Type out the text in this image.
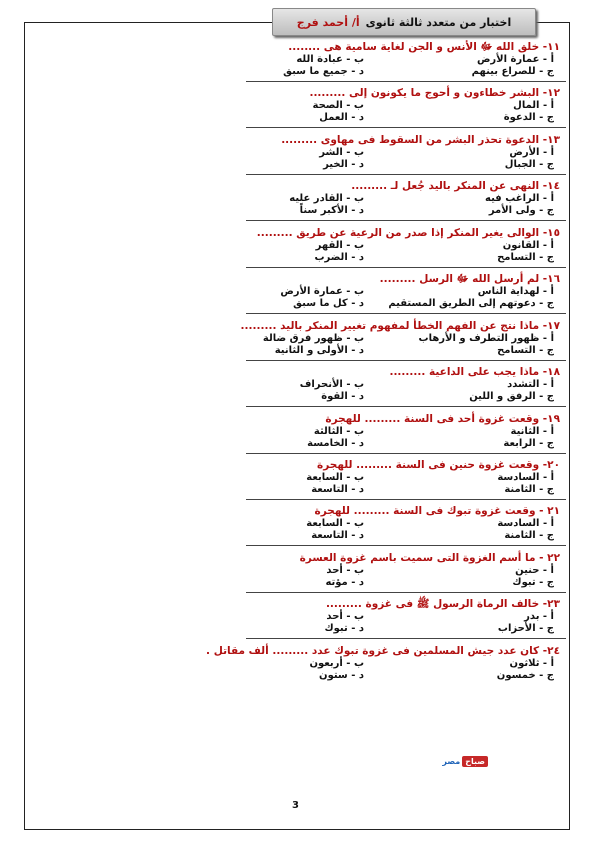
اختبار من متعدد ثالثة ثانوى
أ/ أحمد فرج
١١- خلق الله ﷻ الأنس و الجن لغاية سامية هى ........
أ - عمارة الأرض
ب - عبادة الله
ج - للصراع بينهم
د - جميع ما سبق
١٢- البشر خطاءون و أحوج ما يكونون إلى .........
أ - المال
ب - الصحة
ج - الدعوة
د - العمل
١٣- الدعوة تحذر البشر من السقوط فى مهاوى .........
أ - الأرض
ب - الشر
ج - الجبال
د - الخير
١٤- النهى عن المنكر باليد جُعل لـ .........
أ - الراغب فيه
ب - القادر عليه
ج - ولى الأمر
د - الأكبر سناً
١٥- الوالى يغير المنكر إذا صدر من الرعية عن طريق .........
أ - القانون
ب - القهر
ج - التسامح
د - الضرب
١٦- لم أرسل الله ﷻ الرسل .........
أ - لهداية الناس
ب - عمارة الأرض
ج - دعوتهم إلى الطريق المستقيم
د - كل ما سبق
١٧- ماذا نتج عن الفهم الخطأ لمفهوم تغيير المنكر باليد .........
أ - ظهور التطرف و الأرهاب
ب - ظهور فرق ضالة
ج - التسامح
د - الأولى و الثانية
١٨- ماذا يجب على الداعية .........
أ - التشدد
ب - الأنحراف
ج - الرفق و اللين
د - القوة
١٩- وقعت غزوة أحد فى السنة ......... للهجرة
أ - الثانية
ب - الثالثة
ج - الرابعة
د - الخامسة
٢٠- وقعت غزوة حنين فى السنة ......... للهجرة
أ - السادسة
ب - السابعة
ج - الثامنة
د - التاسعة
٢١ - وقعت غزوة تبوك فى السنة ......... للهجرة
أ - السادسة
ب - السابعة
ج - الثامنة
د - التاسعة
٢٢ - ما أسم الغزوة التى سميت باسم غزوة العسرة
أ - حنين
ب - أحد
ج - تبوك
د - مؤته
٢٣- خالف الرماة الرسول ﷺ فى غزوة .........
أ - بدر
ب - أحد
ج - الأحزاب
د - تبوك
٢٤- كان عدد جيش المسلمين فى غزوة تبوك عدد ......... ألف مقاتل .
أ - ثلاثون
ب - أربعون
ج - خمسون
د - ستون
صباح
مصر
3
